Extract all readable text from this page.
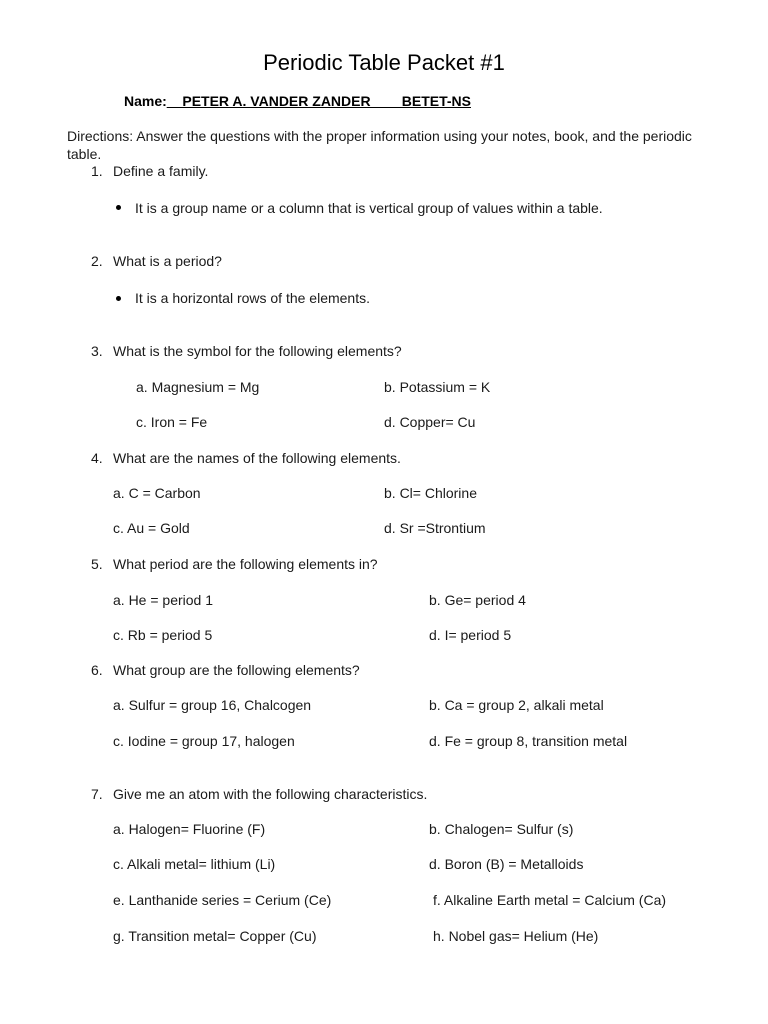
Periodic Table Packet #1
Name:__PETER A. VANDER ZANDER____BETET-NS
Directions: Answer the questions with the proper information using your notes, book, and the periodic table.
1. Define a family.
It is a group name or a column that is vertical group of values within a table.
2. What is a period?
It is a horizontal rows of the elements.
3. What is the symbol for the following elements?
a. Magnesium = Mg	b. Potassium = K
c. Iron = Fe	d. Copper= Cu
4. What are the names of the following elements.
a. C = Carbon	b. Cl= Chlorine
c. Au = Gold	d. Sr =Strontium
5. What period are the following elements in?
a. He = period 1	b. Ge= period 4
c. Rb = period 5	d. I= period 5
6. What group are the following elements?
a. Sulfur = group 16, Chalcogen	b. Ca = group 2, alkali metal
c. Iodine = group 17, halogen	d. Fe = group 8, transition metal
7. Give me an atom with the following characteristics.
a. Halogen= Fluorine (F)	b. Chalogen= Sulfur (s)
c. Alkali metal= lithium (Li)	d. Boron (B) = Metalloids
e. Lanthanide series = Cerium (Ce)	f. Alkaline Earth metal = Calcium (Ca)
g. Transition metal= Copper (Cu)	h. Nobel gas= Helium (He)
